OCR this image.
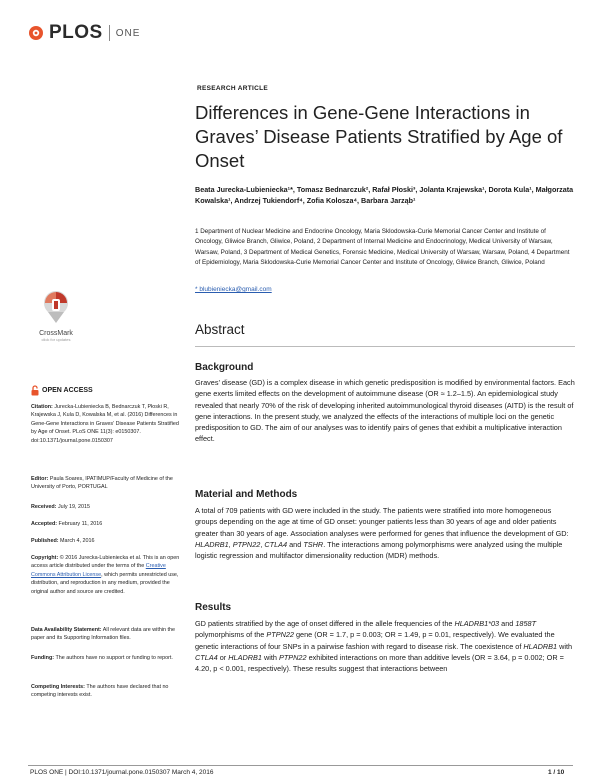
PLOS ONE
RESEARCH ARTICLE
Differences in Gene-Gene Interactions in Graves’ Disease Patients Stratified by Age of Onset
Beata Jurecka-Lubieniecka¹*, Tomasz Bednarczuk², Rafał Płoski³, Jolanta Krajewska¹, Dorota Kula¹, Małgorzata Kowalska¹, Andrzej Tukiendorf⁴, Zofia Kolosza⁴, Barbara Jarząb¹
1 Department of Nuclear Medicine and Endocrine Oncology, Maria Sklodowska-Curie Memorial Cancer Center and Institute of Oncology, Gliwice Branch, Gliwice, Poland, 2 Department of Internal Medicine and Endocrinology, Medical University of Warsaw, Warsaw, Poland, 3 Department of Medical Genetics, Forensic Medicine, Medical University of Warsaw, Warsaw, Poland, 4 Department of Epidemiology, Maria Sklodowska-Curie Memorial Cancer Center and Institute of Oncology, Gliwice Branch, Gliwice, Poland
* blubieniecka@gmail.com
CrossMark
click for updates
Abstract
Background
Graves’ disease (GD) is a complex disease in which genetic predisposition is modified by environmental factors. Each gene exerts limited effects on the development of autoimmune disease (OR ≈ 1.2–1.5). An epidemiological study revealed that nearly 70% of the risk of developing inherited autoimmunological thyroid diseases (AITD) is the result of gene interactions. In the present study, we analyzed the effects of the interactions of multiple loci on the genetic predisposition to GD. The aim of our analyses was to identify pairs of genes that exhibit a multiplicative interaction effect.
Material and Methods
A total of 709 patients with GD were included in the study. The patients were stratified into more homogeneous groups depending on the age at time of GD onset: younger patients less than 30 years of age and older patients greater than 30 years of age. Association analyses were performed for genes that influence the development of GD: HLADRB1, PTPN22, CTLA4 and TSHR. The interactions among polymorphisms were analyzed using the multiple logistic regression and multifactor dimensionality reduction (MDR) methods.
Results
GD patients stratified by the age of onset differed in the allele frequencies of the HLADRB1*03 and 1858T polymorphisms of the PTPN22 gene (OR = 1.7, p = 0.003; OR = 1.49, p = 0.01, respectively). We evaluated the genetic interactions of four SNPs in a pairwise fashion with regard to disease risk. The coexistence of HLADRB1 with CTLA4 or HLADRB1 with PTPN22 exhibited interactions on more than additive levels (OR = 3.64, p = 0.002; OR = 4.20, p < 0.001, respectively). These results suggest that interactions between
OPEN ACCESS
Citation: Jurecka-Lubieniecka B, Bednarczuk T, Płoski R, Krajewska J, Kula D, Kowalska M, et al. (2016) Differences in Gene-Gene Interactions in Graves’ Disease Patients Stratified by Age of Onset. PLoS ONE 11(3): e0150307. doi:10.1371/journal.pone.0150307
Editor: Paula Soares, IPATIMUP/Faculty of Medicine of the University of Porto, PORTUGAL
Received: July 19, 2015
Accepted: February 11, 2016
Published: March 4, 2016
Copyright: © 2016 Jurecka-Lubieniecka et al. This is an open access article distributed under the terms of the Creative Commons Attribution License, which permits unrestricted use, distribution, and reproduction in any medium, provided the original author and source are credited.
Data Availability Statement: All relevant data are within the paper and its Supporting Information files.
Funding: The authors have no support or funding to report.
Competing Interests: The authors have declared that no competing interests exist.
PLOS ONE | DOI:10.1371/journal.pone.0150307 March 4, 2016	1 / 10
